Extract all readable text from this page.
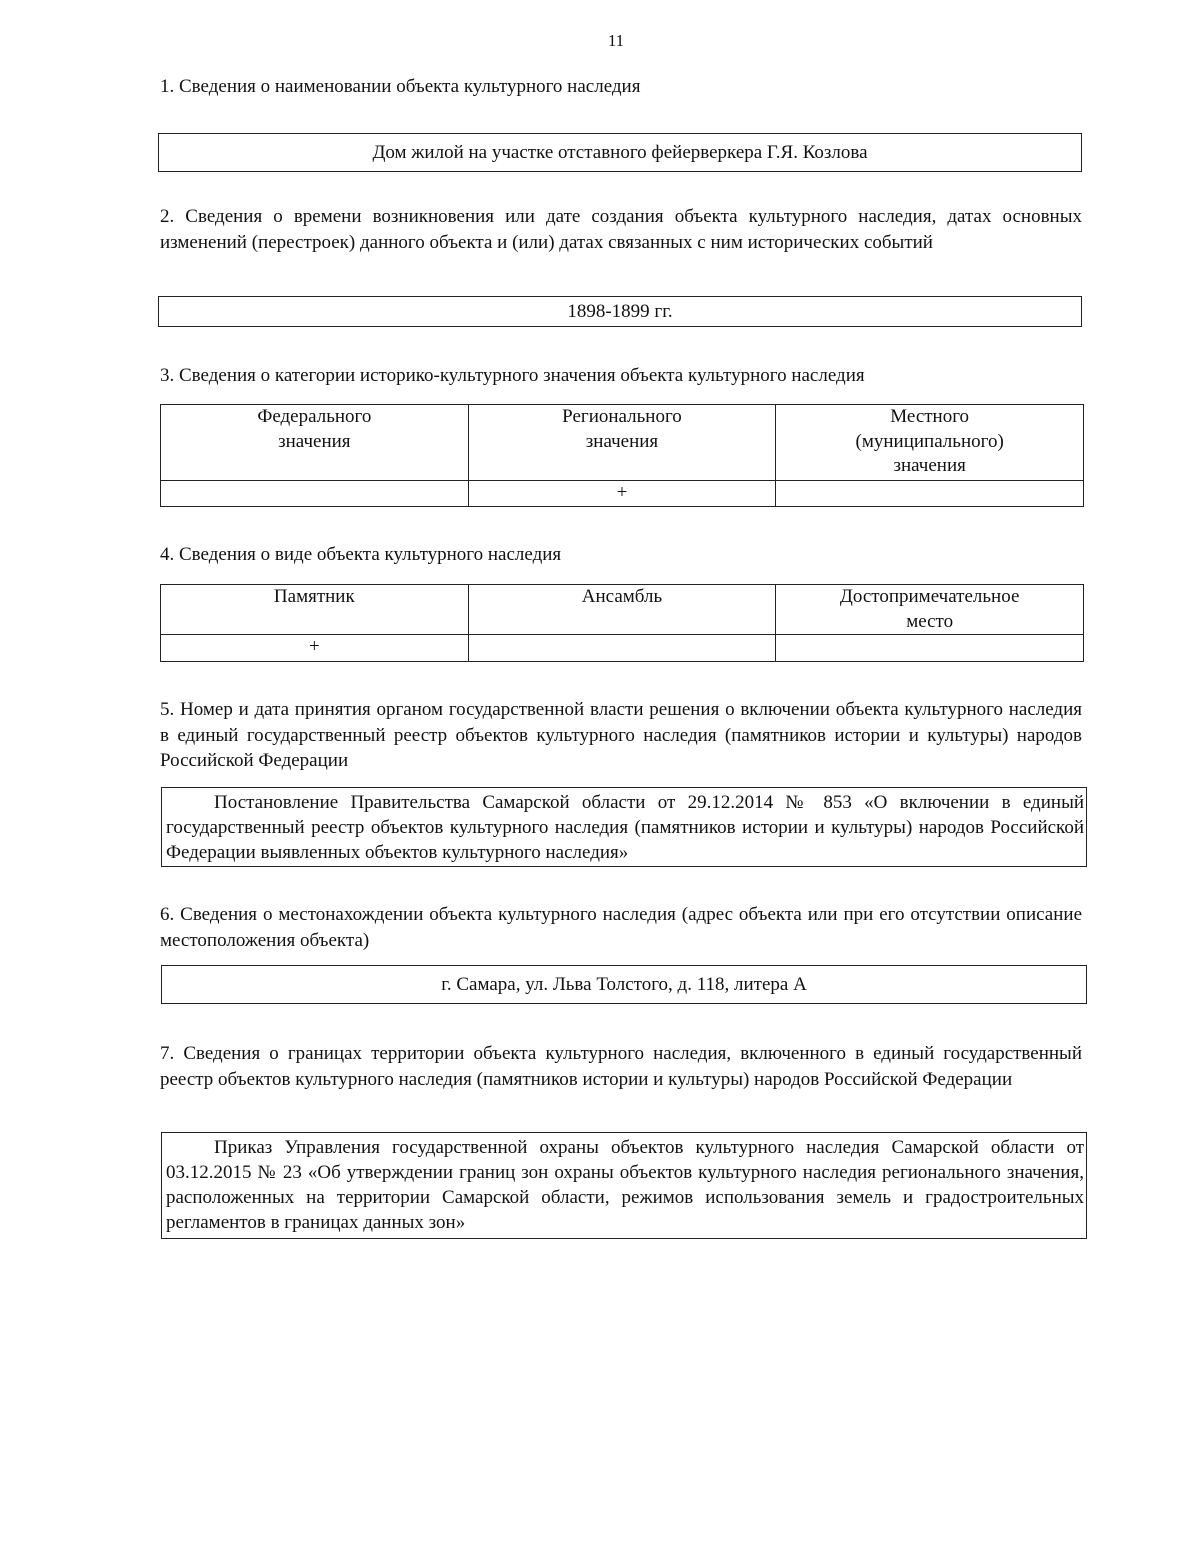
11

1. Сведения о наименовании объекта культурного наследия

Дом жилой на участке отставного фейерверкера Г.Я. Козлова

2. Сведения о времени возникновения или дате создания объекта культурного наследия, датах основных изменений (перестроек) данного объекта и (или) датах связанных с ним исторических событий

1898-1899 гг.

3. Сведения о категории историко-культурного значения объекта культурного наследия

Федерального
значения	Регионального
значения	Местного
(муниципального)
значения
	+	

4. Сведения о виде объекта культурного наследия

Памятник	Ансамбль	Достопримечательное
место
+		

5. Номер и дата принятия органом государственной власти решения о включении объекта культурного наследия в единый государственный реестр объектов культурного наследия (памятников истории и культуры) народов Российской Федерации

Постановление Правительства Самарской области от 29.12.2014 № 853 «О включении в единый государственный реестр объектов культурного наследия (памятников истории и культуры) народов Российской Федерации выявленных объектов культурного наследия»

6. Сведения о местонахождении объекта культурного наследия (адрес объекта или при его отсутствии описание местоположения объекта)

г. Самара, ул. Льва Толстого, д. 118, литера А

7. Сведения о границах территории объекта культурного наследия, включенного в единый государственный реестр объектов культурного наследия (памятников истории и культуры) народов Российской Федерации

Приказ Управления государственной охраны объектов культурного наследия Самарской области от 03.12.2015 № 23 «Об утверждении границ зон охраны объектов культурного наследия регионального значения, расположенных на территории Самарской области, режимов использования земель и градостроительных регламентов в границах данных зон»
